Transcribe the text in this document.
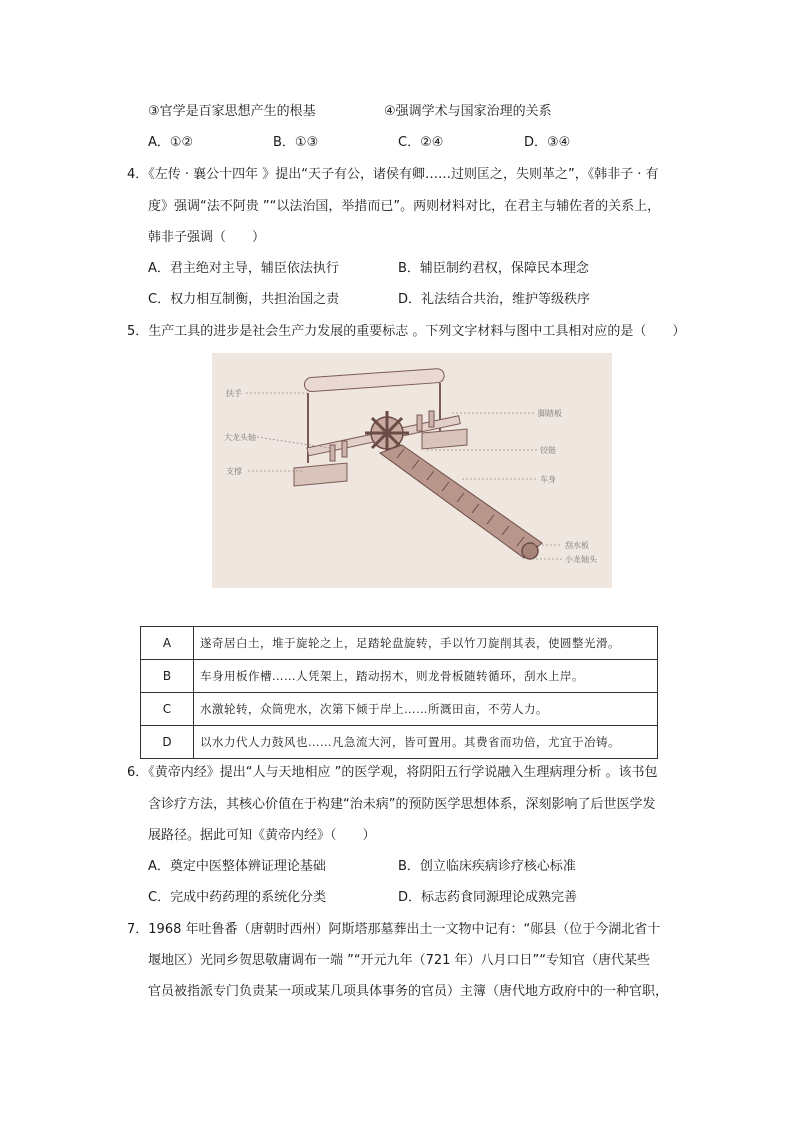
③官学是百家思想产生的根基	④强调学术与国家治理的关系
A．①②	B．①③	C．②④	D．③④
4．《左传 · 襄公十四年 》提出“天子有公，诸侯有卿……过则匡之，失则革之”，《韩非子 · 有
度》强调“法不阿贵 ”“以法治国，举措而已”。两则材料对比，在君主与辅佐者的关系上，
韩非子强调（　　）
A．君主绝对主导，辅臣依法执行	B．辅臣制约君权，保障民本理念
C．权力相互制衡，共担治国之责	D．礼法结合共治，维护等级秩序
5．生产工具的进步是社会生产力发展的重要标志 。下列文字材料与图中工具相对应的是（　　）
扶手
大龙头轴
支撑
脚踏板
铰链
车身
刮水板
小龙轴头
A	遂奇居白土，堆于旋轮之上，足踏轮盘旋转，手以竹刀旋削其表，使圆整光滑。
B	车身用板作槽……人凭架上，踏动拐木，则龙骨板随转循环，刮水上岸。
C	水激轮转，众筒兜水，次第下倾于岸上……所溉田亩，不劳人力。
D	以水力代人力鼓风也……凡急流大河，皆可置用。其费省而功倍，尤宜于冶铸。
6．《黄帝内经》提出“人与天地相应 ”的医学观，将阴阳五行学说融入生理病理分析 。该书包
含诊疗方法，其核心价值在于构建“治未病”的预防医学思想体系，深刻影响了后世医学发
展路径。据此可知《黄帝内经》（　　）
A．奠定中医整体辨证理论基础	B．创立临床疾病诊疗核心标准
C．完成中药药理的系统化分类	D．标志药食同源理论成熟完善
7．1968 年吐鲁番（唐朝时西州）阿斯塔那墓葬出土一文物中记有：“郧县（位于今湖北省十
堰地区）光同乡贺思敬庸调布一端 ”“开元九年（721 年）八月口日”“专知官（唐代某些
官员被指派专门负责某一项或某几项具体事务的官员）主簿（唐代地方政府中的一种官职，
